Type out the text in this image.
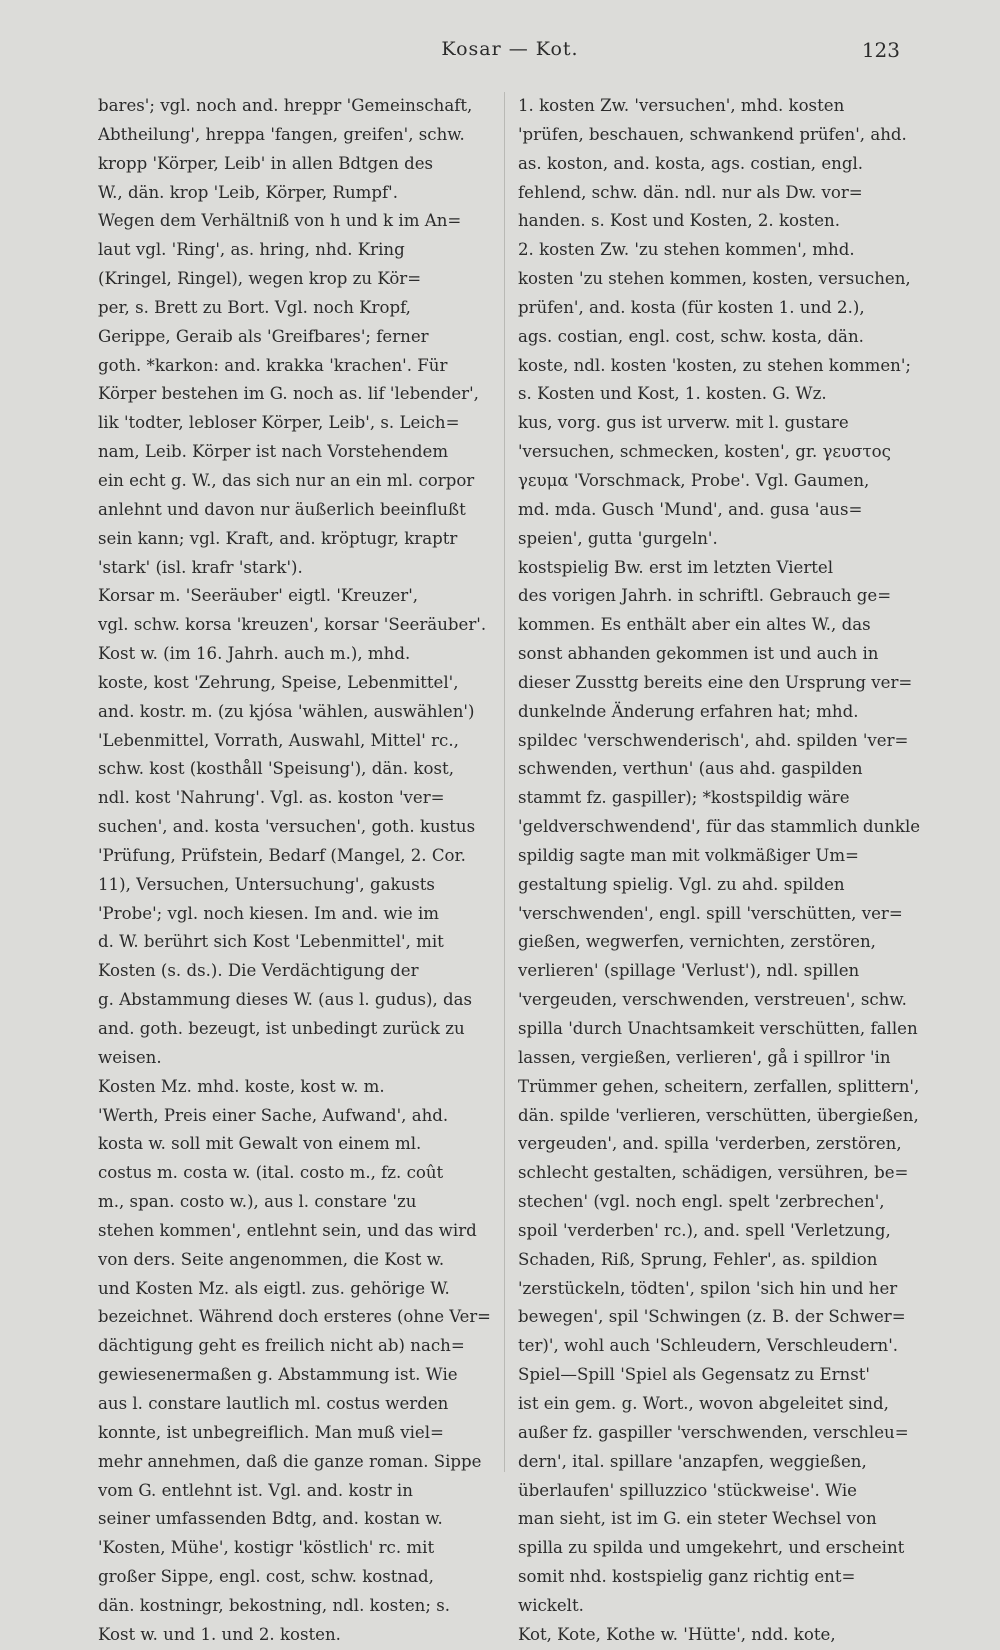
Kosar — Kot.	123
bares'; vgl. noch and. hreppr 'Gemeinschaft,
Abtheilung', hreppa 'fangen, greifen', schw.
kropp 'Körper, Leib' in allen Bdtgen des
W., dän. krop 'Leib, Körper, Rumpf'.
Wegen dem Verhältniß von h und k im An=
laut vgl. 'Ring', as. hring, nhd. Kring
(Kringel, Ringel), wegen krop zu Kör=
per, s. Brett zu Bort. Vgl. noch Kropf,
Gerippe, Geraib als 'Greifbares'; ferner
goth. *karkon: and. krakka 'krachen'. Für
Körper bestehen im G. noch as. lif 'lebender',
lik 'todter, lebloser Körper, Leib', s. Leich=
nam, Leib. Körper ist nach Vorstehendem
ein echt g. W., das sich nur an ein ml. corpor
anlehnt und davon nur äußerlich beeinflußt
sein kann; vgl. Kraft, and. kröptugr, kraptr
'stark' (isl. krafr 'stark').
Korsar m. 'Seeräuber' eigtl. 'Kreuzer',
vgl. schw. korsa 'kreuzen', korsar 'Seeräuber'.
Kost w. (im 16. Jahrh. auch m.), mhd.
koste, kost 'Zehrung, Speise, Lebenmittel',
and. kostr. m. (zu kjósa 'wählen, auswählen')
'Lebenmittel, Vorrath, Auswahl, Mittel' rc.,
schw. kost (kosthåll 'Speisung'), dän. kost,
ndl. kost 'Nahrung'. Vgl. as. koston 'ver=
suchen', and. kosta 'versuchen', goth. kustus
'Prüfung, Prüfstein, Bedarf (Mangel, 2. Cor.
11), Versuchen, Untersuchung', gakusts
'Probe'; vgl. noch kiesen. Im and. wie im
d. W. berührt sich Kost 'Lebenmittel', mit
Kosten (s. ds.). Die Verdächtigung der
g. Abstammung dieses W. (aus l. gudus), das
and. goth. bezeugt, ist unbedingt zurück zu
weisen.
Kosten Mz. mhd. koste, kost w. m.
'Werth, Preis einer Sache, Aufwand', ahd.
kosta w. soll mit Gewalt von einem ml.
costus m. costa w. (ital. costo m., fz. coût
m., span. costo w.), aus l. constare 'zu
stehen kommen', entlehnt sein, und das wird
von ders. Seite angenommen, die Kost w.
und Kosten Mz. als eigtl. zus. gehörige W.
bezeichnet. Während doch ersteres (ohne Ver=
dächtigung geht es freilich nicht ab) nach=
gewiesenermaßen g. Abstammung ist. Wie
aus l. constare lautlich ml. costus werden
konnte, ist unbegreiflich. Man muß viel=
mehr annehmen, daß die ganze roman. Sippe
vom G. entlehnt ist. Vgl. and. kostr in
seiner umfassenden Bdtg, and. kostan w.
'Kosten, Mühe', kostigr 'köstlich' rc. mit
großer Sippe, engl. cost, schw. kostnad,
dän. kostningr, bekostning, ndl. kosten; s.
Kost w. und 1. und 2. kosten.
1. kosten Zw. 'versuchen', mhd. kosten
'prüfen, beschauen, schwankend prüfen', ahd.
as. koston, and. kosta, ags. costian, engl.
fehlend, schw. dän. ndl. nur als Dw. vor=
handen. s. Kost und Kosten, 2. kosten.
2. kosten Zw. 'zu stehen kommen', mhd.
kosten 'zu stehen kommen, kosten, versuchen,
prüfen', and. kosta (für kosten 1. und 2.),
ags. costian, engl. cost, schw. kosta, dän.
koste, ndl. kosten 'kosten, zu stehen kommen';
s. Kosten und Kost, 1. kosten. G. Wz.
kus, vorg. gus ist urverw. mit l. gustare
'versuchen, schmecken, kosten', gr. γευστος
γευμα 'Vorschmack, Probe'. Vgl. Gaumen,
md. mda. Gusch 'Mund', and. gusa 'aus=
speien', gutta 'gurgeln'.
kostspielig Bw. erst im letzten Viertel
des vorigen Jahrh. in schriftl. Gebrauch ge=
kommen. Es enthält aber ein altes W., das
sonst abhanden gekommen ist und auch in
dieser Zussttg bereits eine den Ursprung ver=
dunkelnde Änderung erfahren hat; mhd.
spildec 'verschwenderisch', ahd. spilden 'ver=
schwenden, verthun' (aus ahd. gaspilden
stammt fz. gaspiller); *kostspildig wäre
'geldverschwendend', für das stammlich dunkle
spildig sagte man mit volkmäßiger Um=
gestaltung spielig. Vgl. zu ahd. spilden
'verschwenden', engl. spill 'verschütten, ver=
gießen, wegwerfen, vernichten, zerstören,
verlieren' (spillage 'Verlust'), ndl. spillen
'vergeuden, verschwenden, verstreuen', schw.
spilla 'durch Unachtsamkeit verschütten, fallen
lassen, vergießen, verlieren', gå i spillror 'in
Trümmer gehen, scheitern, zerfallen, splittern',
dän. spilde 'verlieren, verschütten, übergießen,
vergeuden', and. spilla 'verderben, zerstören,
schlecht gestalten, schädigen, versühren, be=
stechen' (vgl. noch engl. spelt 'zerbrechen',
spoil 'verderben' rc.), and. spell 'Verletzung,
Schaden, Riß, Sprung, Fehler', as. spildion
'zerstückeln, tödten', spilon 'sich hin und her
bewegen', spil 'Schwingen (z. B. der Schwer=
ter)', wohl auch 'Schleudern, Verschleudern'.
Spiel—Spill 'Spiel als Gegensatz zu Ernst'
ist ein gem. g. Wort., wovon abgeleitet sind,
außer fz. gaspiller 'verschwenden, verschleu=
dern', ital. spillare 'anzapfen, weggießen,
überlaufen' spilluzzico 'stückweise'. Wie
man sieht, ist im G. ein steter Wechsel von
spilla zu spilda und umgekehrt, und erscheint
somit nhd. kostspielig ganz richtig ent=
wickelt.
Kot, Kote, Kothe w. 'Hütte', ndd. kote,
